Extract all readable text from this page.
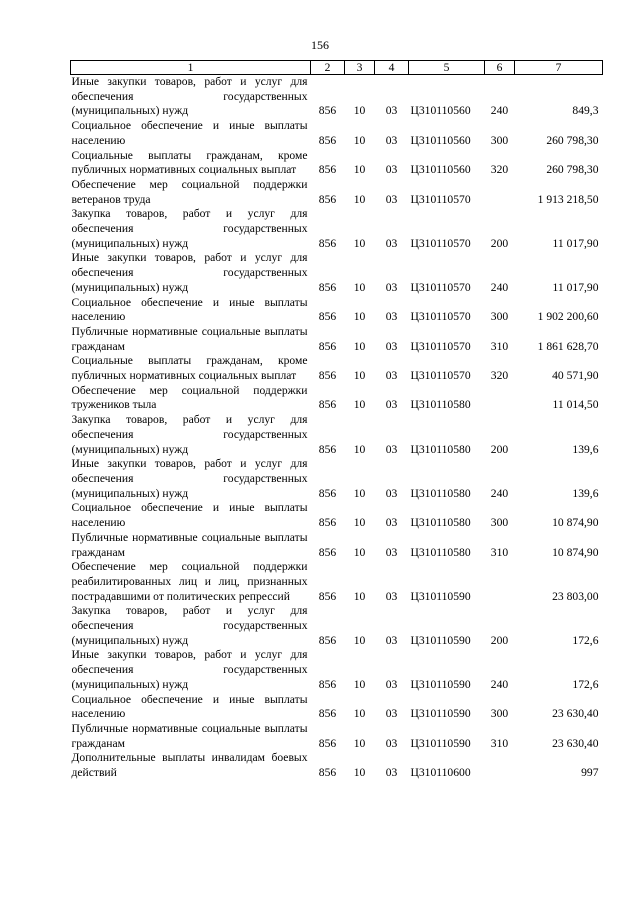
156
1	2	3	4	5	6	7
Иные закупки товаров, работ и услуг для обеспечения государственных (муниципальных) нужд	856	10	03	Ц310110560	240	849,3
Социальное обеспечение и иные выплаты населению	856	10	03	Ц310110560	300	260 798,30
Социальные выплаты гражданам, кроме публичных нормативных социальных выплат	856	10	03	Ц310110560	320	260 798,30
Обеспечение мер социальной поддержки ветеранов труда	856	10	03	Ц310110570		1 913 218,50
Закупка товаров, работ и услуг для обеспечения государственных (муниципальных) нужд	856	10	03	Ц310110570	200	11 017,90
Иные закупки товаров, работ и услуг для обеспечения государственных (муниципальных) нужд	856	10	03	Ц310110570	240	11 017,90
Социальное обеспечение и иные выплаты населению	856	10	03	Ц310110570	300	1 902 200,60
Публичные нормативные социальные выплаты гражданам	856	10	03	Ц310110570	310	1 861 628,70
Социальные выплаты гражданам, кроме публичных нормативных социальных выплат	856	10	03	Ц310110570	320	40 571,90
Обеспечение мер социальной поддержки тружеников тыла	856	10	03	Ц310110580		11 014,50
Закупка товаров, работ и услуг для обеспечения государственных (муниципальных) нужд	856	10	03	Ц310110580	200	139,6
Иные закупки товаров, работ и услуг для обеспечения государственных (муниципальных) нужд	856	10	03	Ц310110580	240	139,6
Социальное обеспечение и иные выплаты населению	856	10	03	Ц310110580	300	10 874,90
Публичные нормативные социальные выплаты гражданам	856	10	03	Ц310110580	310	10 874,90
Обеспечение мер социальной поддержки реабилитированных лиц и лиц, признанных пострадавшими от политических репрессий	856	10	03	Ц310110590		23 803,00
Закупка товаров, работ и услуг для обеспечения государственных (муниципальных) нужд	856	10	03	Ц310110590	200	172,6
Иные закупки товаров, работ и услуг для обеспечения государственных (муниципальных) нужд	856	10	03	Ц310110590	240	172,6
Социальное обеспечение и иные выплаты населению	856	10	03	Ц310110590	300	23 630,40
Публичные нормативные социальные выплаты гражданам	856	10	03	Ц310110590	310	23 630,40
Дополнительные выплаты инвалидам боевых действий	856	10	03	Ц310110600		997
